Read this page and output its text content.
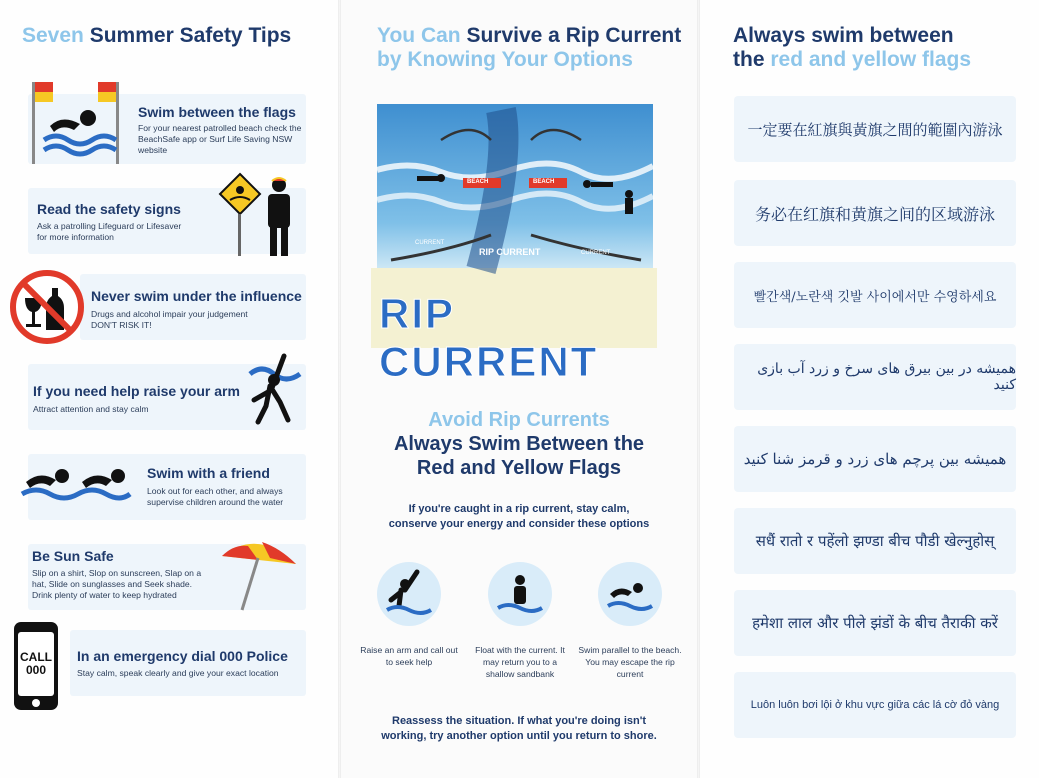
Seven Summer Safety Tips
Swim between the flags
For your nearest patrolled beach check the BeachSafe app or Surf Life Saving NSW website
Read the safety signs
Ask a patrolling Lifeguard or Lifesaver for more information
Never swim under the influence
Drugs and alcohol impair your judgement DON'T RISK IT!
If you need help raise your arm
Attract attention and stay calm
Swim with a friend
Look out for each other, and always supervise children around the water
Be Sun Safe
Slip on a shirt, Slop on sunscreen, Slap on a hat, Slide on sunglasses and Seek shade. Drink plenty of water to keep hydrated
CALL
000
In an emergency dial 000 Police
Stay calm, speak clearly and give your exact location
You Can Survive a Rip Current
by Knowing Your Options
BEACH	BEACH
RIP CURRENT
CURRENT
CURRENT
RIP CURRENT
Avoid Rip Currents
Always Swim Between the
Red and Yellow Flags
If you're caught in a rip current, stay calm,
conserve your energy and consider these options
Raise an arm and call out to seek help
Float with the current. It may return you to a shallow sandbank
Swim parallel to the beach. You may escape the rip current
Reassess the situation. If what you're doing isn't
working, try another option until you return to shore.
Always swim between
the red and yellow flags
一定要在紅旗與黃旗之間的範圍內游泳
务必在红旗和黄旗之间的区域游泳
빨간색/노란색 깃발 사이에서만 수영하세요
همیشه در بین بیرق های سرخ و زرد آب بازی کنید
همیشه بین پرچم های زرد و قرمز شنا کنید
सधैं रातो र पहेंलो झण्डा बीच पौडी खेल्नुहोस्
हमेशा लाल और पीले झंडों के बीच तैराकी करें
Luôn luôn bơi lội ở khu vực giữa các lá cờ đỏ vàng
